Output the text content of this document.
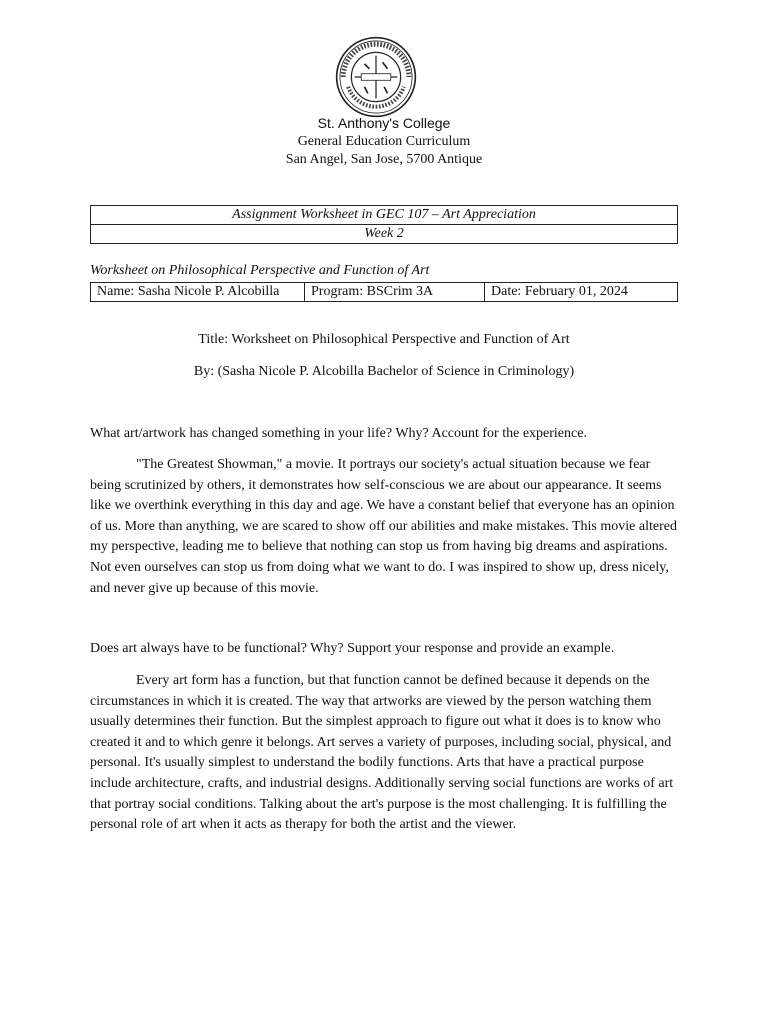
St. Anthony's College
General Education Curriculum
San Angel, San Jose, 5700 Antique
Assignment Worksheet in GEC 107 – Art Appreciation
Week 2
Worksheet on Philosophical Perspective and Function of Art
Name: Sasha Nicole P. Alcobilla	Program: BSCrim 3A	Date: February 01, 2024
Title: Worksheet on Philosophical Perspective and Function of Art
By: (Sasha Nicole P. Alcobilla Bachelor of Science in Criminology)
What art/artwork has changed something in your life? Why? Account for the experience.

"The Greatest Showman," a movie. It portrays our society's actual situation because we fear being scrutinized by others, it demonstrates how self-conscious we are about our appearance. It seems like we overthink everything in this day and age. We have a constant belief that everyone has an opinion of us. More than anything, we are scared to show off our abilities and make mistakes. This movie altered my perspective, leading me to believe that nothing can stop us from having big dreams and aspirations. Not even ourselves can stop us from doing what we want to do. I was inspired to show up, dress nicely, and never give up because of this movie.

Does art always have to be functional? Why? Support your response and provide an example.

Every art form has a function, but that function cannot be defined because it depends on the circumstances in which it is created. The way that artworks are viewed by the person watching them usually determines their function. But the simplest approach to figure out what it does is to know who created it and to which genre it belongs. Art serves a variety of purposes, including social, physical, and personal. It's usually simplest to understand the bodily functions. Arts that have a practical purpose include architecture, crafts, and industrial designs. Additionally serving social functions are works of art that portray social conditions. Talking about the art's purpose is the most challenging. It is fulfilling the personal role of art when it acts as therapy for both the artist and the viewer.
